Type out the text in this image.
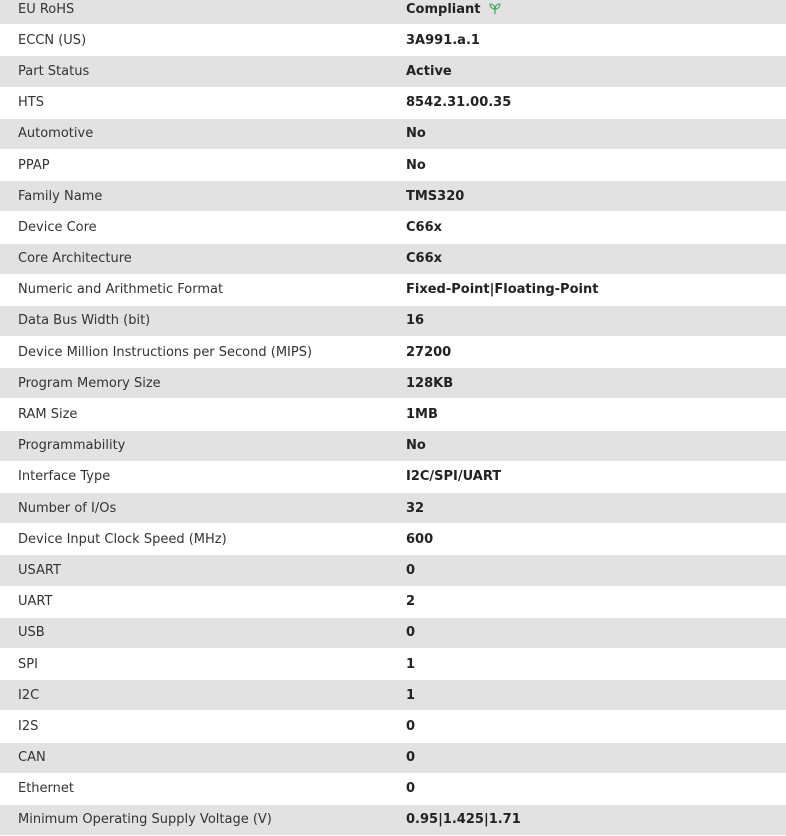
EU RoHS	Compliant
ECCN (US)	3A991.a.1
Part Status	Active
HTS	8542.31.00.35
Automotive	No
PPAP	No
Family Name	TMS320
Device Core	C66x
Core Architecture	C66x
Numeric and Arithmetic Format	Fixed-Point|Floating-Point
Data Bus Width (bit)	16
Device Million Instructions per Second (MIPS)	27200
Program Memory Size	128KB
RAM Size	1MB
Programmability	No
Interface Type	I2C/SPI/UART
Number of I/Os	32
Device Input Clock Speed (MHz)	600
USART	0
UART	2
USB	0
SPI	1
I2C	1
I2S	0
CAN	0
Ethernet	0
Minimum Operating Supply Voltage (V)	0.95|1.425|1.71
